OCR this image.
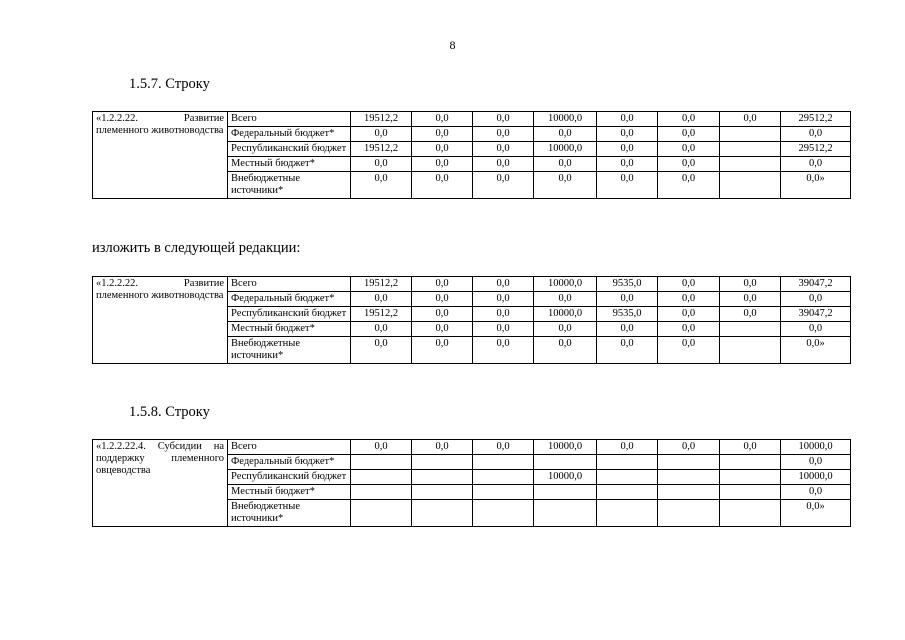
8
1.5.7. Строку
«1.2.2.22. Развитие племенного животноводства	Всего	19512,2	0,0	0,0	10000,0	0,0	0,0	0,0	29512,2
	Федеральный бюджет*	0,0	0,0	0,0	0,0	0,0	0,0		0,0
	Республиканский бюджет	19512,2	0,0	0,0	10000,0	0,0	0,0		29512,2
	Местный бюджет*	0,0	0,0	0,0	0,0	0,0	0,0		0,0
	Внебюджетные источники*	0,0	0,0	0,0	0,0	0,0	0,0		0,0»
изложить в следующей редакции:
«1.2.2.22. Развитие племенного животноводства	Всего	19512,2	0,0	0,0	10000,0	9535,0	0,0	0,0	39047,2
	Федеральный бюджет*	0,0	0,0	0,0	0,0	0,0	0,0	0,0	0,0
	Республиканский бюджет	19512,2	0,0	0,0	10000,0	9535,0	0,0	0,0	39047,2
	Местный бюджет*	0,0	0,0	0,0	0,0	0,0	0,0		0,0
	Внебюджетные источники*	0,0	0,0	0,0	0,0	0,0	0,0		0,0»
1.5.8. Строку
«1.2.2.22.4. Субсидии на поддержку племенного овцеводства	Всего	0,0	0,0	0,0	10000,0	0,0	0,0	0,0	10000,0
	Федеральный бюджет*								0,0
	Республиканский бюджет				10000,0				10000,0
	Местный бюджет*								0,0
	Внебюджетные источники*								0,0»
